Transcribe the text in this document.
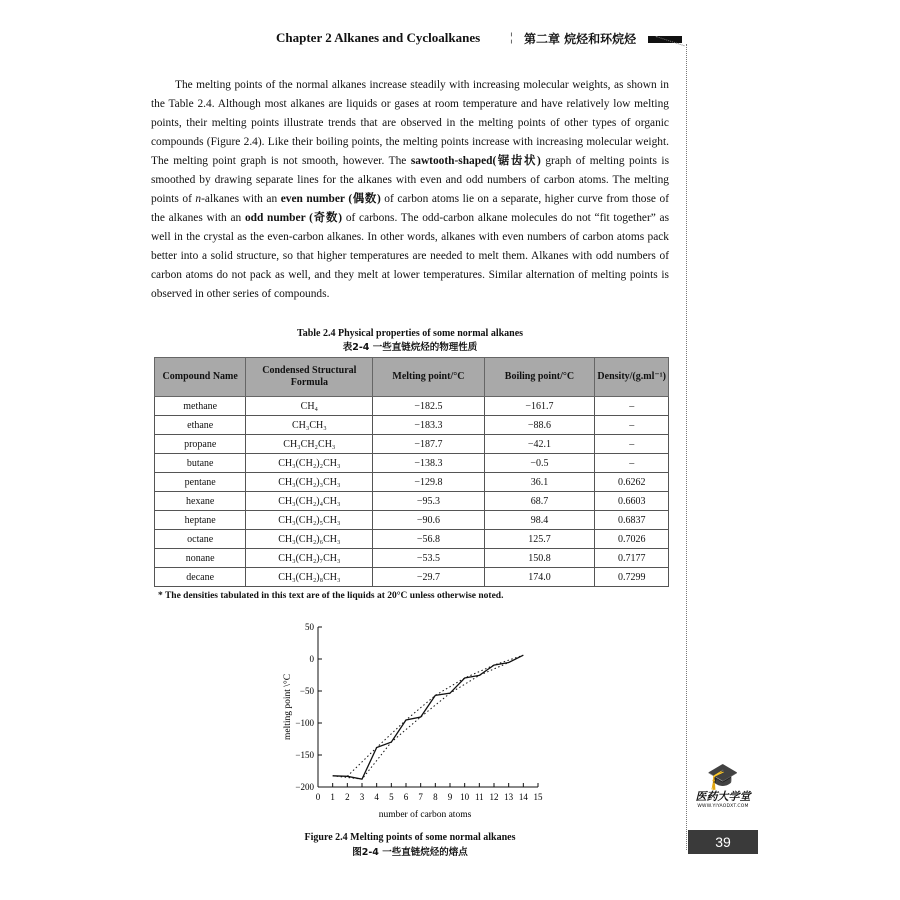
Chapter 2 Alkanes and Cycloalkanes ¦ 第二章 烷烃和环烷烃

The melting points of the normal alkanes increase steadily with increasing molecular weights, as shown in the Table 2.4. Although most alkanes are liquids or gases at room temperature and have relatively low melting points, their melting points illustrate trends that are observed in the melting points of other types of organic compounds (Figure 2.4). Like their boiling points, the melting points increase with increasing molecular weight. The melting point graph is not smooth, however. The sawtooth-shaped(锯齿状) graph of melting points is smoothed by drawing separate lines for the alkanes with even and odd numbers of carbon atoms. The melting points of n-alkanes with an even number (偶数) of carbon atoms lie on a separate, higher curve from those of the alkanes with an odd number (奇数) of carbons. The odd-carbon alkane molecules do not “fit together” as well in the crystal as the even-carbon alkanes. In other words, alkanes with even numbers of carbon atoms pack better into a solid structure, so that higher temperatures are needed to melt them. Alkanes with odd numbers of carbon atoms do not pack as well, and they melt at lower temperatures. Similar alternation of melting points is observed in other series of compounds.

Table 2.4 Physical properties of some normal alkanes
表2-4 一些直链烷烃的物理性质
Compound Name	Condensed Structural Formula	Melting point/°C	Boiling point/°C	Density/(g.ml⁻¹)
methane	CH₄	−182.5	−161.7	–
ethane	CH₃CH₃	−183.3	−88.6	–
propane	CH₃CH₂CH₃	−187.7	−42.1	–
butane	CH₃(CH₂)₂CH₃	−138.3	−0.5	–
pentane	CH₃(CH₂)₃CH₃	−129.8	36.1	0.6262
hexane	CH₃(CH₂)₄CH₃	−95.3	68.7	0.6603
heptane	CH₃(CH₂)₅CH₃	−90.6	98.4	0.6837
octane	CH₃(CH₂)₆CH₃	−56.8	125.7	0.7026
nonane	CH₃(CH₂)₇CH₃	−53.5	150.8	0.7177
decane	CH₃(CH₂)₈CH₃	−29.7	174.0	0.7299
* The densities tabulated in this text are of the liquids at 20°C unless otherwise noted.
50
0
−50
−100
−150
−200
0 1 2 3 4 5 6 7 8 9 10 11 12 13 14 15
melting point \°C
number of carbon atoms
Figure 2.4 Melting points of some normal alkanes
图2-4 一些直链烷烃的熔点
🎓
医药大学堂
WWW.YIYAODXT.COM
39
